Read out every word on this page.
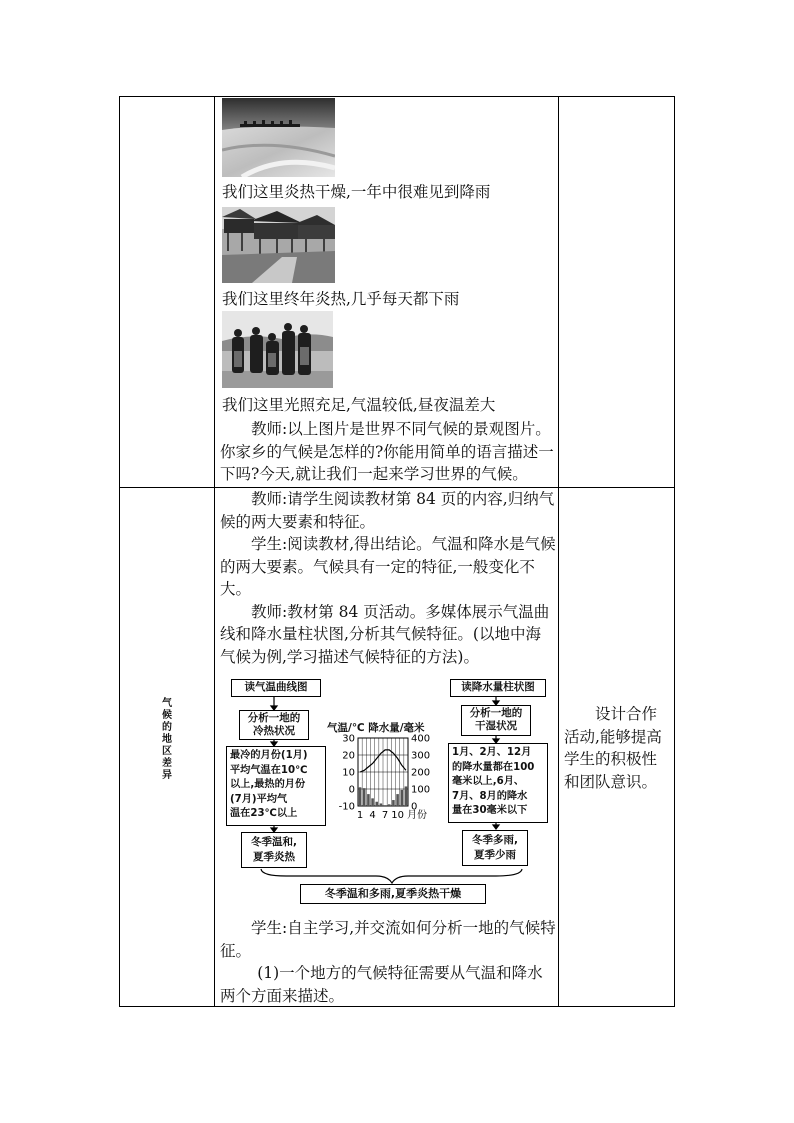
我们这里炎热干燥,一年中很难见到降雨
我们这里终年炎热,几乎每天都下雨
我们这里光照充足,气温较低,昼夜温差大

教师:以上图片是世界不同气候的景观图片。你家乡的气候是怎样的?你能用简单的语言描述一下吗?今天,就让我们一起来学习世界的气候。

气候的地区差异

教师:请学生阅读教材第 84 页的内容,归纳气候的两大要素和特征。

学生:阅读教材,得出结论。气温和降水是气候的两大要素。气候具有一定的特征,一般变化不大。

教师:教材第 84 页活动。多媒体展示气温曲线和降水量柱状图,分析其气候特征。(以地中海气候为例,学习描述气候特征的方法)。

设计合作活动,能够提高学生的积极性和团队意识。
读气温曲线图
分析一地的
冷热状况
最冷的月份(1月)
平均气温在10℃
以上,最热的月份
(7月)平均气
温在23℃以上
冬季温和,
夏季炎热
读降水量柱状图
分析一地的
干湿状况
1月、2月、12月
的降水量都在100
毫米以上,6月、
7月、8月的降水
量在30毫米以下
冬季多雨,
夏季少雨
冬季温和多雨,夏季炎热干燥
气温/℃ 降水量/毫米
30
20
10
0
-10
400
300
200
100
0
1 4 7 10 月份

学生:自主学习,并交流如何分析一地的气候特征。

(1)一个地方的气候特征需要从气温和降水两个方面来描述。
